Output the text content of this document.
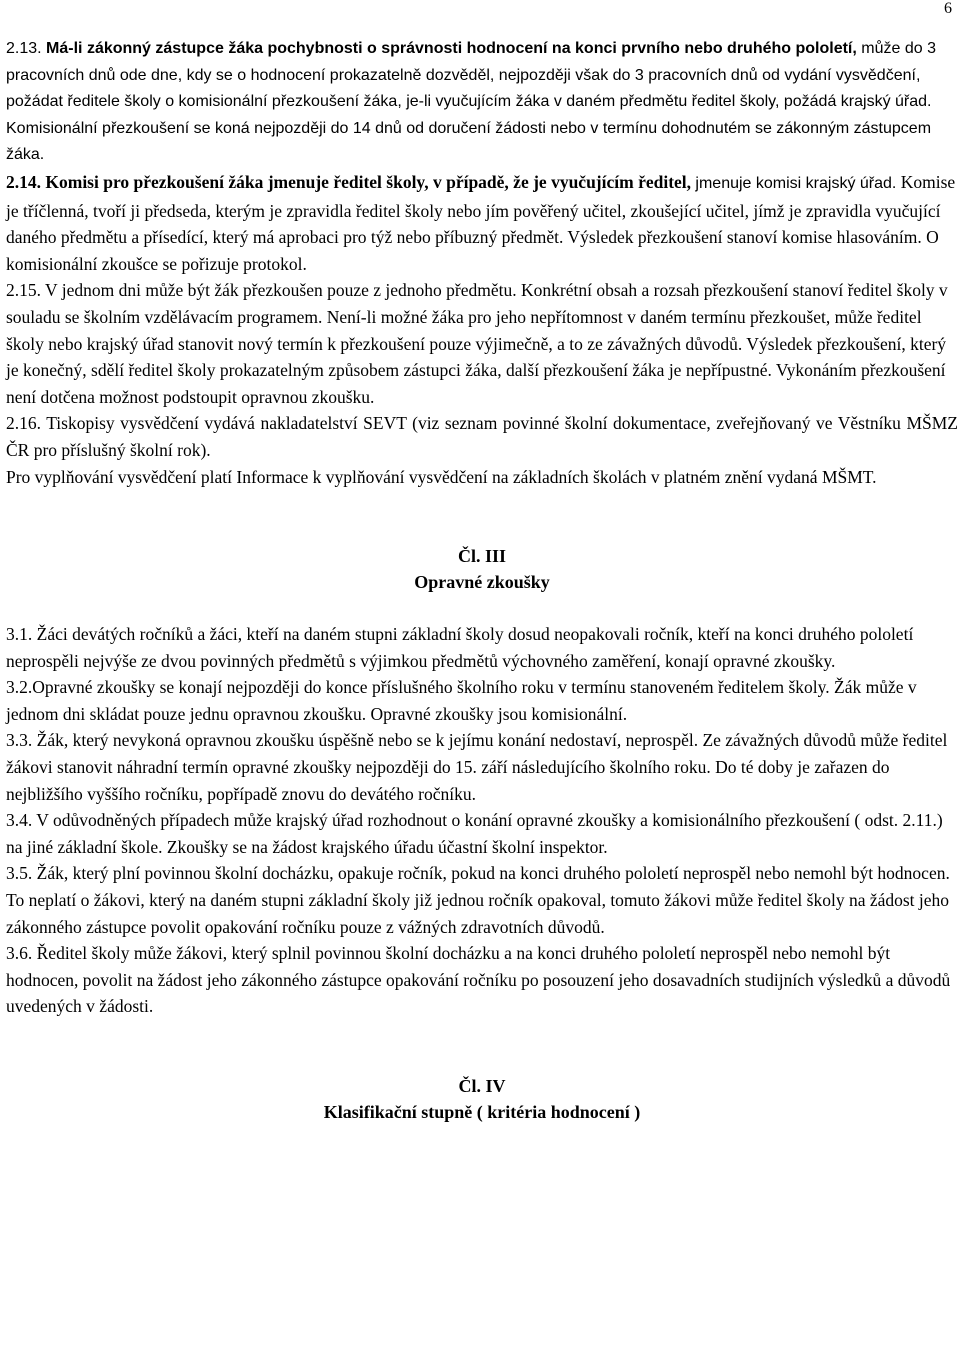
6

2.13. Má-li zákonný zástupce žáka pochybnosti o správnosti hodnocení na konci prvního nebo druhého pololetí, může do 3 pracovních dnů ode dne, kdy se o hodnocení prokazatelně dozvěděl, nejpozději však do 3 pracovních dnů od vydání vysvědčení, požádat ředitele školy o komisionální přezkoušení žáka, je-li vyučujícím žáka v daném předmětu ředitel školy, požádá krajský úřad. Komisionální přezkoušení se koná nejpozději do 14 dnů od doručení žádosti nebo v termínu dohodnutém se zákonným zástupcem žáka.

2.14. Komisi pro přezkoušení žáka jmenuje ředitel školy, v případě, že je vyučujícím ředitel, jmenuje komisi krajský úřad. Komise je tříčlenná, tvoří ji předseda, kterým je zpravidla ředitel školy nebo jím pověřený učitel, zkoušející učitel, jímž je zpravidla vyučující daného předmětu a přísedící, který má aprobaci pro týž nebo příbuzný předmět. Výsledek přezkoušení stanoví komise hlasováním. O komisionální zkoušce se pořizuje protokol.

2.15. V jednom dni může být žák přezkoušen pouze z jednoho předmětu. Konkrétní obsah a rozsah přezkoušení stanoví ředitel školy v souladu se školním vzdělávacím programem. Není-li možné žáka pro jeho nepřítomnost v daném termínu přezkoušet, může ředitel školy nebo krajský úřad stanovit nový termín k přezkoušení pouze výjimečně, a to ze závažných důvodů. Výsledek přezkoušení, který je konečný, sdělí ředitel školy prokazatelným způsobem zástupci žáka, další přezkoušení žáka je nepřípustné. Vykonáním přezkoušení není dotčena možnost podstoupit opravnou zkoušku.

2.16. Tiskopisy vysvědčení vydává nakladatelství SEVT (viz seznam povinné školní dokumentace, zveřejňovaný ve Věstníku MŠMZ ČR pro příslušný školní rok).

Pro vyplňování vysvědčení platí Informace k vyplňování vysvědčení na základních školách v platném znění vydaná MŠMT.

Čl. III

Opravné zkoušky

3.1. Žáci devátých ročníků a žáci, kteří na daném stupni základní školy dosud neopakovali ročník, kteří na konci druhého pololetí neprospěli nejvýše ze dvou povinných předmětů s výjimkou předmětů výchovného zaměření, konají opravné zkoušky.

3.2.Opravné zkoušky se konají nejpozději do konce příslušného školního roku v termínu stanoveném ředitelem školy. Žák může v jednom dni skládat pouze jednu opravnou zkoušku. Opravné zkoušky jsou komisionální.

3.3. Žák, který nevykoná opravnou zkoušku úspěšně nebo se k jejímu konání nedostaví, neprospěl. Ze závažných důvodů může ředitel žákovi stanovit náhradní termín opravné zkoušky nejpozději do 15. září následujícího školního roku. Do té doby je zařazen do nejbližšího vyššího ročníku, popřípadě znovu do devátého ročníku.

3.4. V odůvodněných případech může krajský úřad rozhodnout o konání opravné zkoušky a komisionálního přezkoušení ( odst. 2.11.) na jiné základní škole. Zkoušky se na žádost krajského úřadu účastní školní inspektor.

3.5. Žák, který plní povinnou školní docházku, opakuje ročník, pokud na konci druhého pololetí neprospěl nebo nemohl být hodnocen. To neplatí o žákovi, který na daném stupni základní školy již jednou ročník opakoval, tomuto žákovi může ředitel školy na žádost jeho zákonného zástupce povolit opakování ročníku pouze z vážných zdravotních důvodů.

3.6. Ředitel školy může žákovi, který splnil povinnou školní docházku a na konci druhého pololetí neprospěl nebo nemohl být hodnocen, povolit na žádost jeho zákonného zástupce opakování ročníku po posouzení jeho dosavadních studijních výsledků a důvodů uvedených v žádosti.

Čl. IV

Klasifikační stupně ( kritéria hodnocení )
